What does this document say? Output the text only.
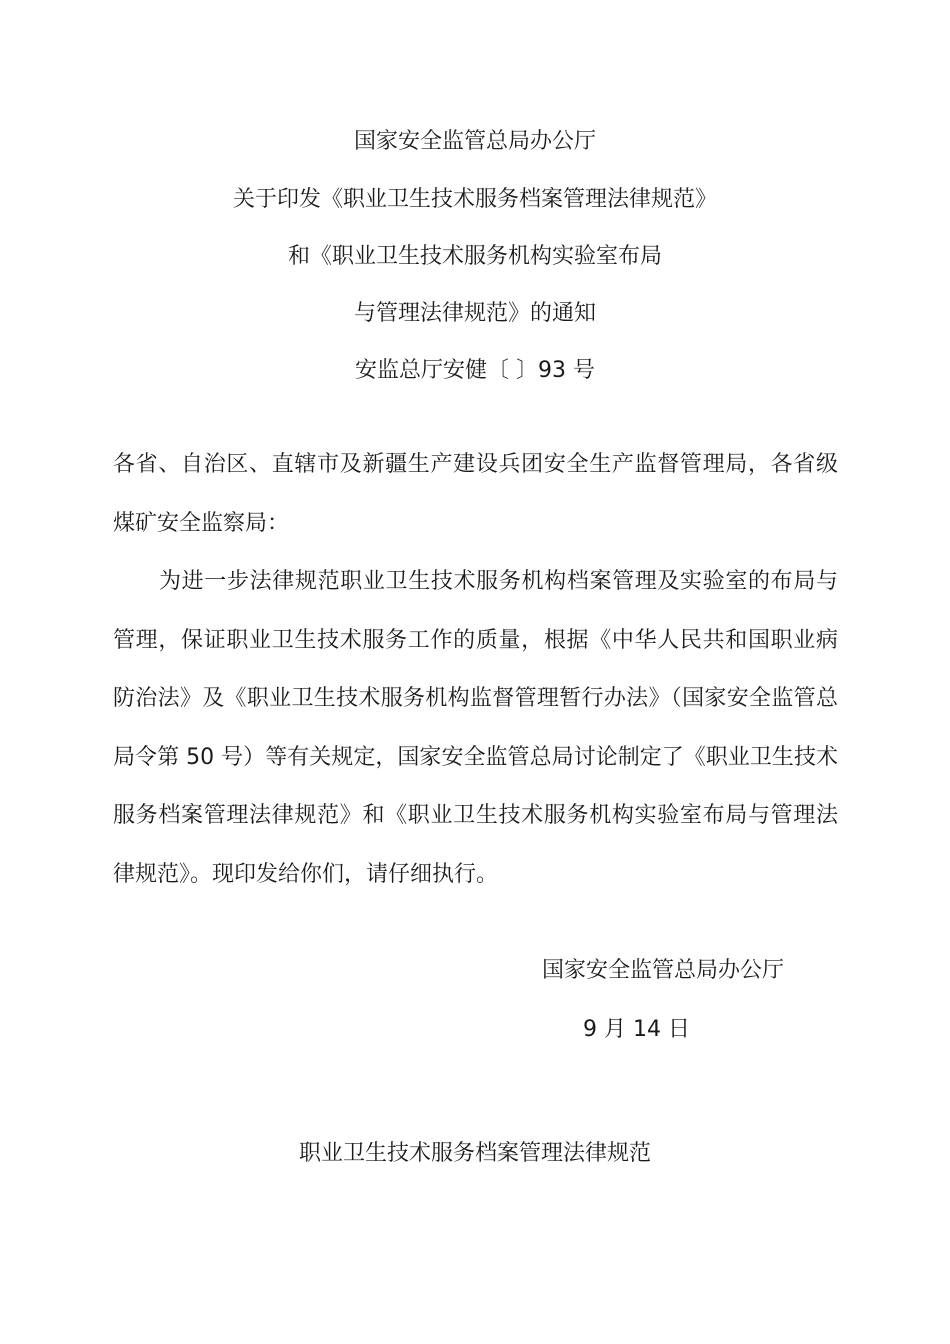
国家安全监管总局办公厅
关于印发《职业卫生技术服务档案管理法律规范》
和《职业卫生技术服务机构实验室布局
与管理法律规范》的通知
安监总厅安健〔 〕93 号

各省、自治区、直辖市及新疆生产建设兵团安全生产监督管理局，各省级煤矿安全监察局：

为进一步法律规范职业卫生技术服务机构档案管理及实验室的布局与管理，保证职业卫生技术服务工作的质量，根据《中华人民共和国职业病防治法》及《职业卫生技术服务机构监督管理暂行办法》（国家安全监管总局令第 50 号）等有关规定，国家安全监管总局讨论制定了《职业卫生技术服务档案管理法律规范》和《职业卫生技术服务机构实验室布局与管理法律规范》。现印发给你们，请仔细执行。

国家安全监管总局办公厅
9 月 14 日
职业卫生技术服务档案管理法律规范
